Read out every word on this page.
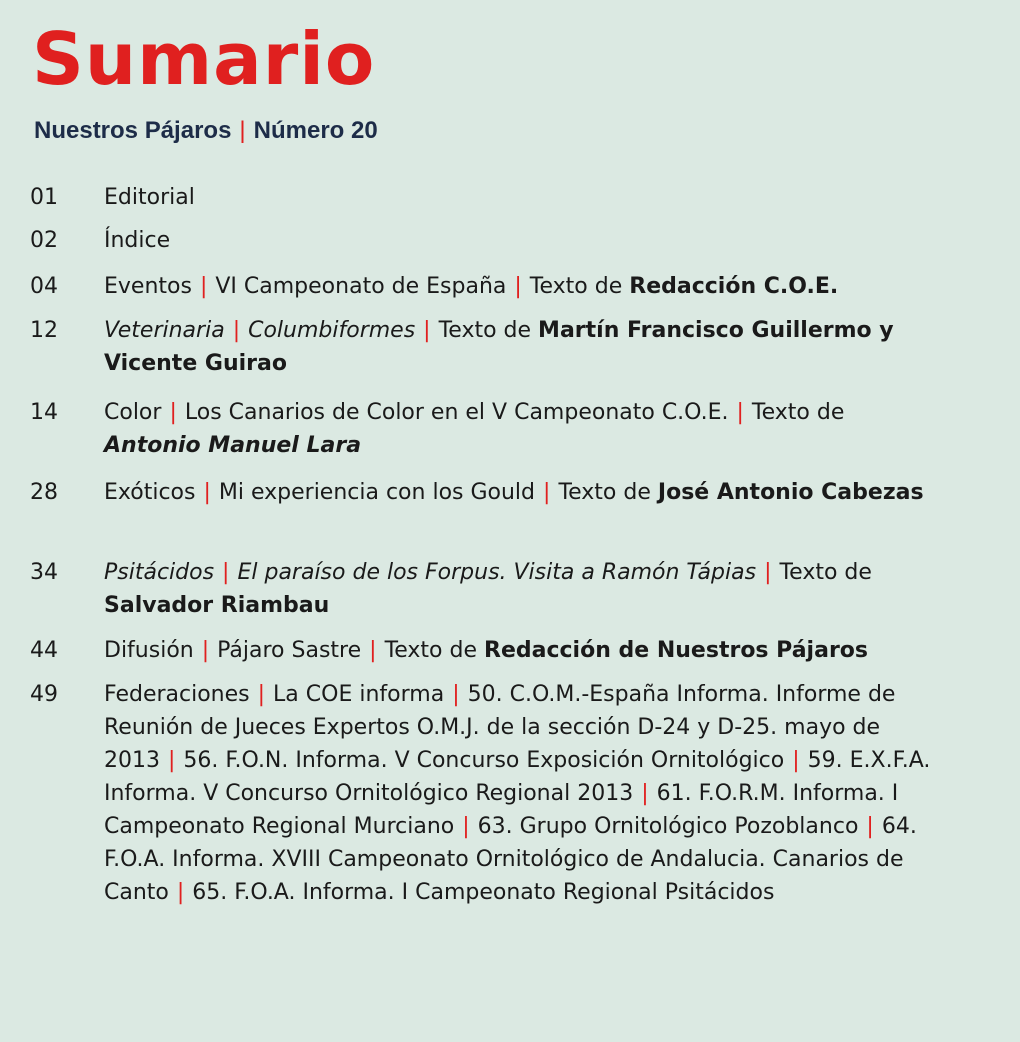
Sumario
Nuestros Pájaros | Número 20
01 Editorial
02 Índice
04 Eventos | VI Campeonato de España | Texto de Redacción C.O.E.
12 Veterinaria | Columbiformes | Texto de Martín Francisco Guillermo y Vicente Guirao
14 Color | Los Canarios de Color en el V Campeonato C.O.E. | Texto de Antonio Manuel Lara
28 Exóticos | Mi experiencia con los Gould | Texto de José Antonio Cabezas
34 Psitácidos | El paraíso de los Forpus. Visita a Ramón Tápias | Texto de Salvador Riambau
44 Difusión | Pájaro Sastre | Texto de Redacción de Nuestros Pájaros
49 Federaciones | La COE informa | 50. C.O.M.-España Informa. Informe de Reunión de Jueces Expertos O.M.J. de la sección D-24 y D-25. mayo de 2013 | 56. F.O.N. Informa. V Concurso Exposición Ornitológico | 59. E.X.F.A. Informa. V Concurso Ornitológico Regional 2013 | 61. F.O.R.M. Informa. I Campeonato Regional Murciano | 63. Grupo Ornitológico Pozoblanco | 64. F.O.A. Informa. XVIII Campeonato Ornitológico de Andalucia. Canarios de Canto | 65. F.O.A. Informa. I Campeonato Regional Psitácidos
